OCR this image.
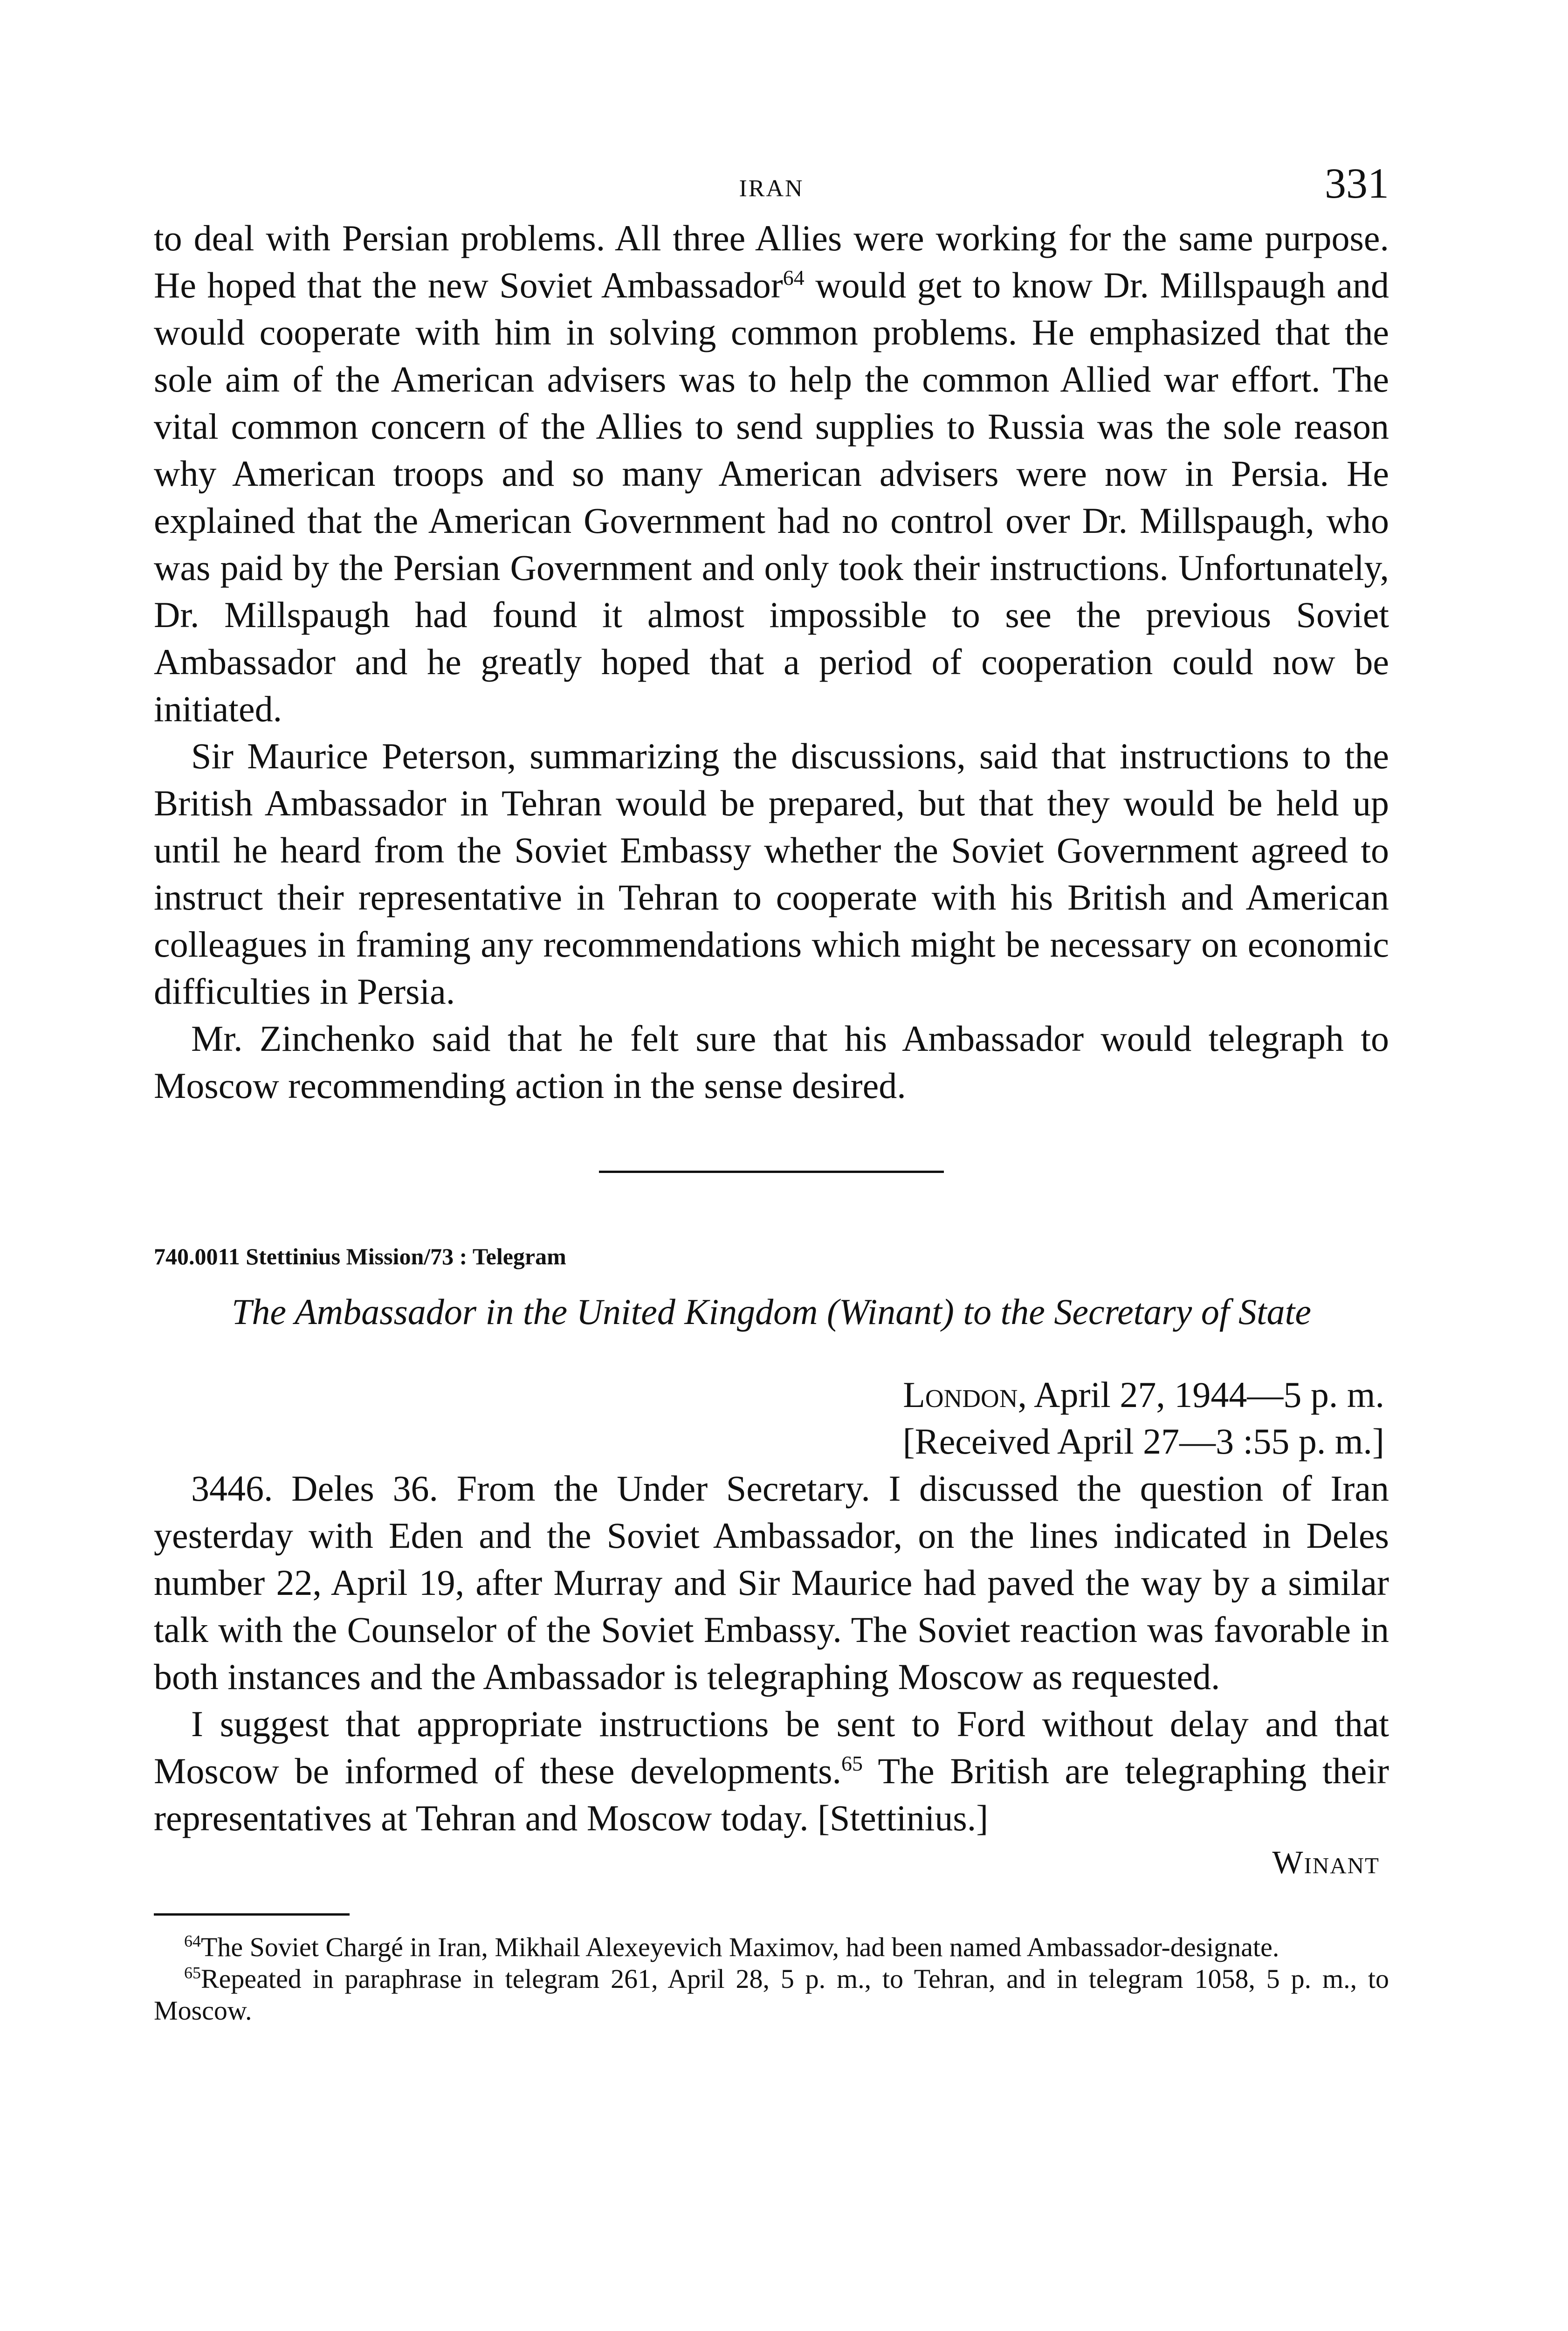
IRAN	331

to deal with Persian problems. All three Allies were working for the same purpose. He hoped that the new Soviet Ambassador$^{64}$ would get to know Dr. Millspaugh and would cooperate with him in solving common problems. He emphasized that the sole aim of the American advisers was to help the common Allied war effort. The vital common concern of the Allies to send supplies to Russia was the sole reason why American troops and so many American advisers were now in Persia. He explained that the American Government had no control over Dr. Millspaugh, who was paid by the Persian Government and only took their instructions. Unfortunately, Dr. Millspaugh had found it almost impossible to see the previous Soviet Ambassador and he greatly hoped that a period of cooperation could now be initiated.

Sir Maurice Peterson, summarizing the discussions, said that instructions to the British Ambassador in Tehran would be prepared, but that they would be held up until he heard from the Soviet Embassy whether the Soviet Government agreed to instruct their representative in Tehran to cooperate with his British and American colleagues in framing any recommendations which might be necessary on economic difficulties in Persia.

Mr. Zinchenko said that he felt sure that his Ambassador would telegraph to Moscow recommending action in the sense desired.

740.0011 Stettinius Mission/73 : Telegram
The Ambassador in the United Kingdom (Winant) to the Secretary of State
London, April 27, 1944—5 p. m.
[Received April 27—3 :55 p. m.]

3446. Deles 36. From the Under Secretary. I discussed the question of Iran yesterday with Eden and the Soviet Ambassador, on the lines indicated in Deles number 22, April 19, after Murray and Sir Maurice had paved the way by a similar talk with the Counselor of the Soviet Embassy. The Soviet reaction was favorable in both instances and the Ambassador is telegraphing Moscow as requested.

I suggest that appropriate instructions be sent to Ford without delay and that Moscow be informed of these developments.$^{65}$ The British are telegraphing their representatives at Tehran and Moscow today. [Stettinius.]

Winant

$^{64}$The Soviet Chargé in Iran, Mikhail Alexeyevich Maximov, had been named Ambassador-designate.

$^{65}$Repeated in paraphrase in telegram 261, April 28, 5 p. m., to Tehran, and in telegram 1058, 5 p. m., to Moscow.
